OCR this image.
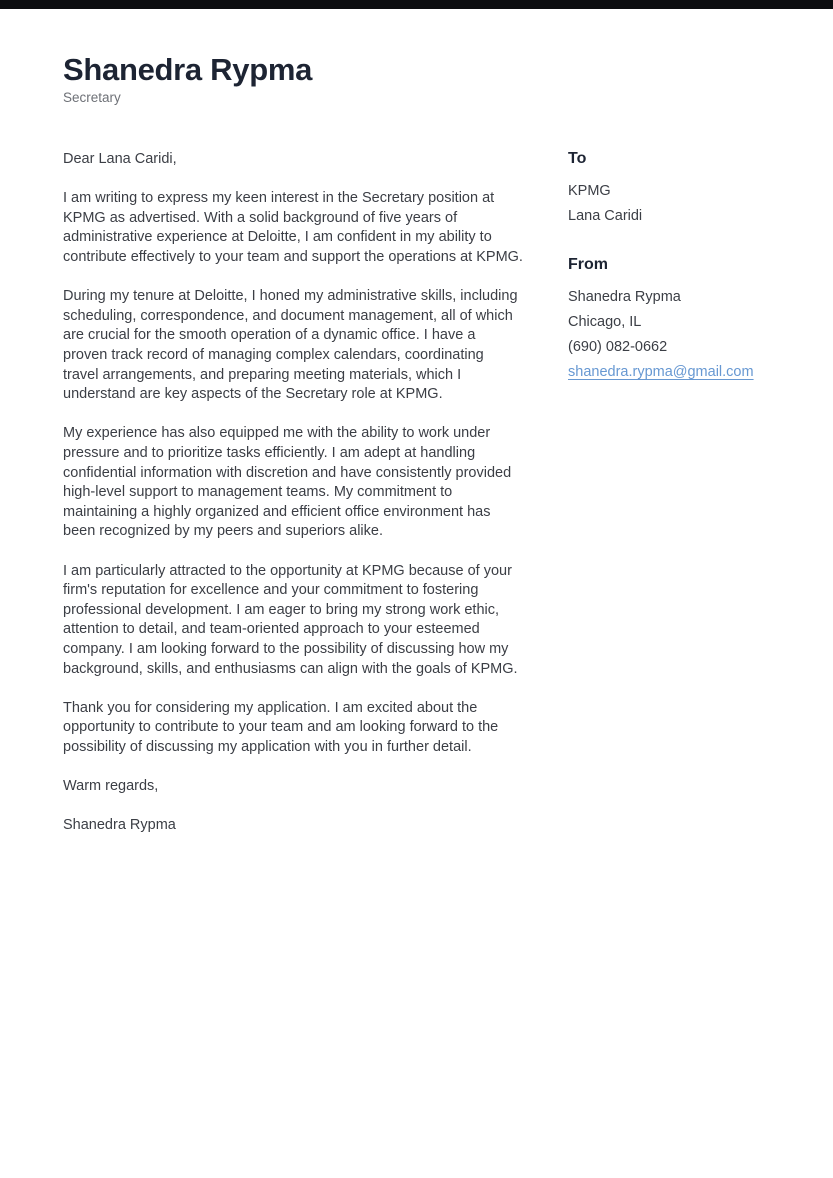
Shanedra Rypma
Secretary

Dear Lana Caridi,

I am writing to express my keen interest in the Secretary position at KPMG as advertised. With a solid background of five years of administrative experience at Deloitte, I am confident in my ability to contribute effectively to your team and support the operations at KPMG.

During my tenure at Deloitte, I honed my administrative skills, including scheduling, correspondence, and document management, all of which are crucial for the smooth operation of a dynamic office. I have a proven track record of managing complex calendars, coordinating travel arrangements, and preparing meeting materials, which I understand are key aspects of the Secretary role at KPMG.

My experience has also equipped me with the ability to work under pressure and to prioritize tasks efficiently. I am adept at handling confidential information with discretion and have consistently provided high-level support to management teams. My commitment to maintaining a highly organized and efficient office environment has been recognized by my peers and superiors alike.

I am particularly attracted to the opportunity at KPMG because of your firm's reputation for excellence and your commitment to fostering professional development. I am eager to bring my strong work ethic, attention to detail, and team-oriented approach to your esteemed company. I am looking forward to the possibility of discussing how my background, skills, and enthusiasms can align with the goals of KPMG.

Thank you for considering my application. I am excited about the opportunity to contribute to your team and am looking forward to the possibility of discussing my application with you in further detail.

Warm regards,

Shanedra Rypma

To
KPMG
Lana Caridi
From
Shanedra Rypma
Chicago, IL
(690) 082-0662
shanedra.rypma@gmail.com
